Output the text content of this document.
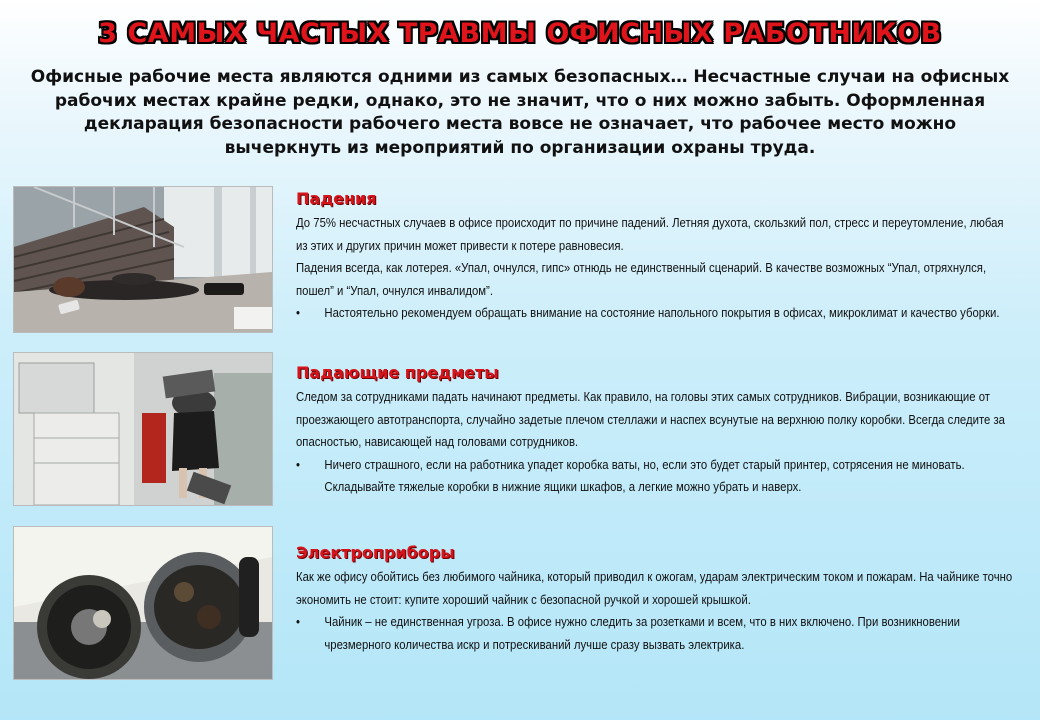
3 САМЫХ ЧАСТЫХ ТРАВМЫ ОФИСНЫХ РАБОТНИКОВ
Офисные рабочие места являются одними из самых безопасных… Несчастные случаи на офисных рабочих местах крайне редки, однако, это не значит, что о них можно забыть. Оформленная декларация безопасности рабочего места вовсе не означает, что рабочее место можно вычеркнуть из мероприятий по организации охраны труда.
Падения
До 75% несчастных случаев в офисе происходит по причине падений. Летняя духота, скользкий пол, стресс и переутомление, любая из этих и других причин может привести к потере равновесия.
Падения всегда, как лотерея. «Упал, очнулся, гипс» отнюдь не единственный сценарий. В качестве возможных “Упал, отряхнулся, пошел” и “Упал, очнулся инвалидом”.
•	Настоятельно рекомендуем обращать внимание на состояние напольного покрытия в офисах, микроклимат и качество уборки.
Падающие предметы
Следом за сотрудниками падать начинают предметы. Как правило, на головы этих самых сотрудников. Вибрации, возникающие от проезжающего автотранспорта, случайно задетые плечом стеллажи и наспех всунутые на верхнюю полку коробки. Всегда следите за опасностью, нависающей над головами сотрудников.
•	Ничего страшного, если на работника упадет коробка ваты, но, если это будет старый принтер, сотрясения не миновать. Складывайте тяжелые коробки в нижние ящики шкафов, а легкие можно убрать и наверх.
Электроприборы
Как же офису обойтись без любимого чайника, который приводил к ожогам, ударам электрическим током и пожарам. На чайнике точно экономить не стоит: купите хороший чайник с безопасной ручкой и хорошей крышкой.
•	Чайник – не единственная угроза. В офисе нужно следить за розетками и всем, что в них включено. При возникновении чрезмерного количества искр и потрескиваний лучше сразу вызвать электрика.
